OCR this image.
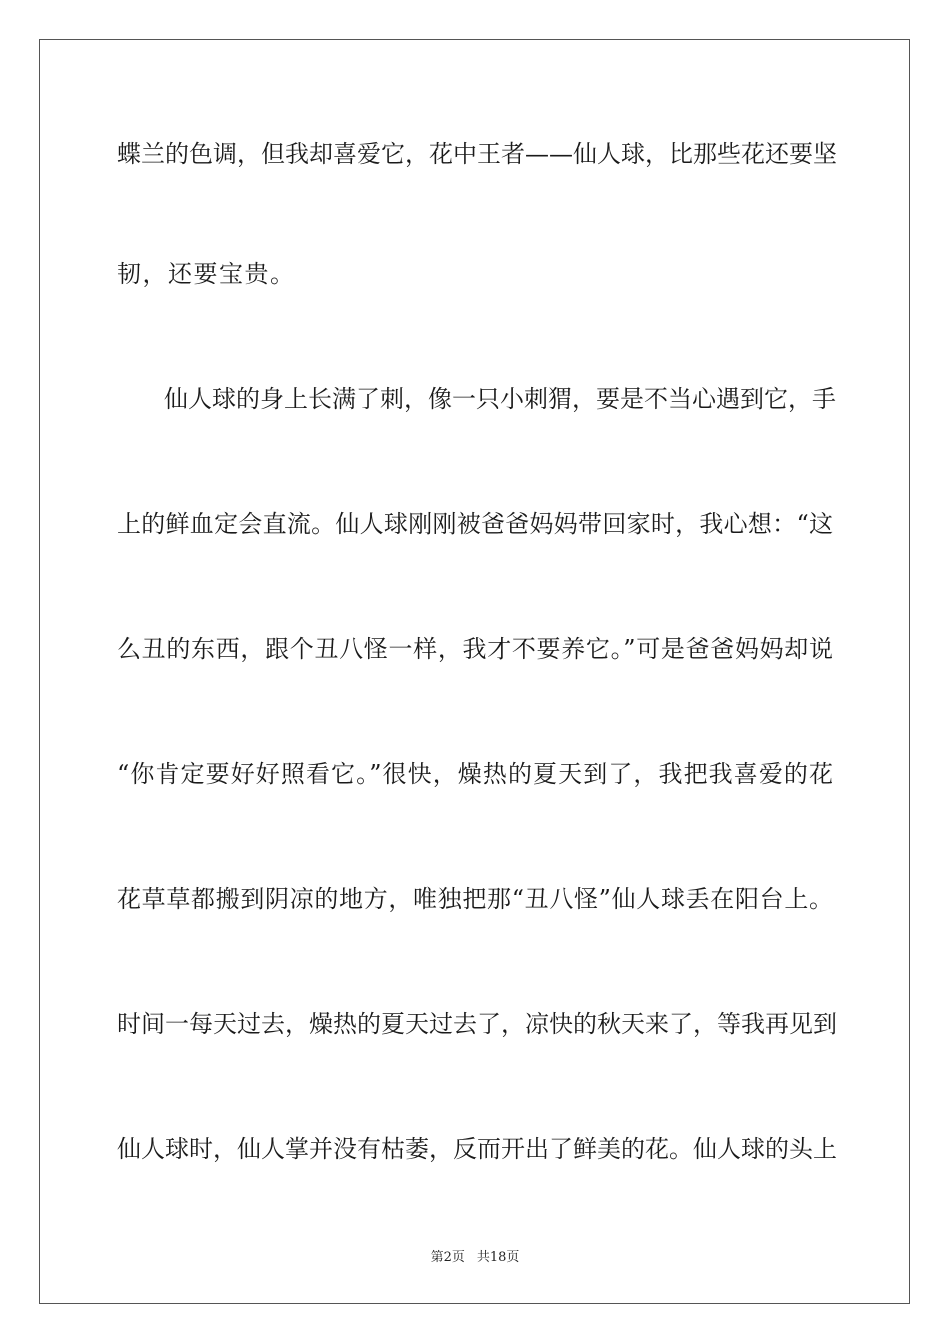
蝶兰的色调，但我却喜爱它，花中王者——仙人球，比那些花还要坚
韧，还要宝贵。
仙人球的身上长满了刺，像一只小刺猬，要是不当心遇到它，手
上的鲜血定会直流。仙人球刚刚被爸爸妈妈带回家时，我心想：“这
么丑的东西，跟个丑八怪一样，我才不要养它。”可是爸爸妈妈却说
“你肯定要好好照看它。”很快，燥热的夏天到了，我把我喜爱的花
花草草都搬到阴凉的地方，唯独把那“丑八怪”仙人球丢在阳台上。
时间一每天过去，燥热的夏天过去了，凉快的秋天来了，等我再见到
仙人球时，仙人掌并没有枯萎，反而开出了鲜美的花。仙人球的头上
第2页 共18页
